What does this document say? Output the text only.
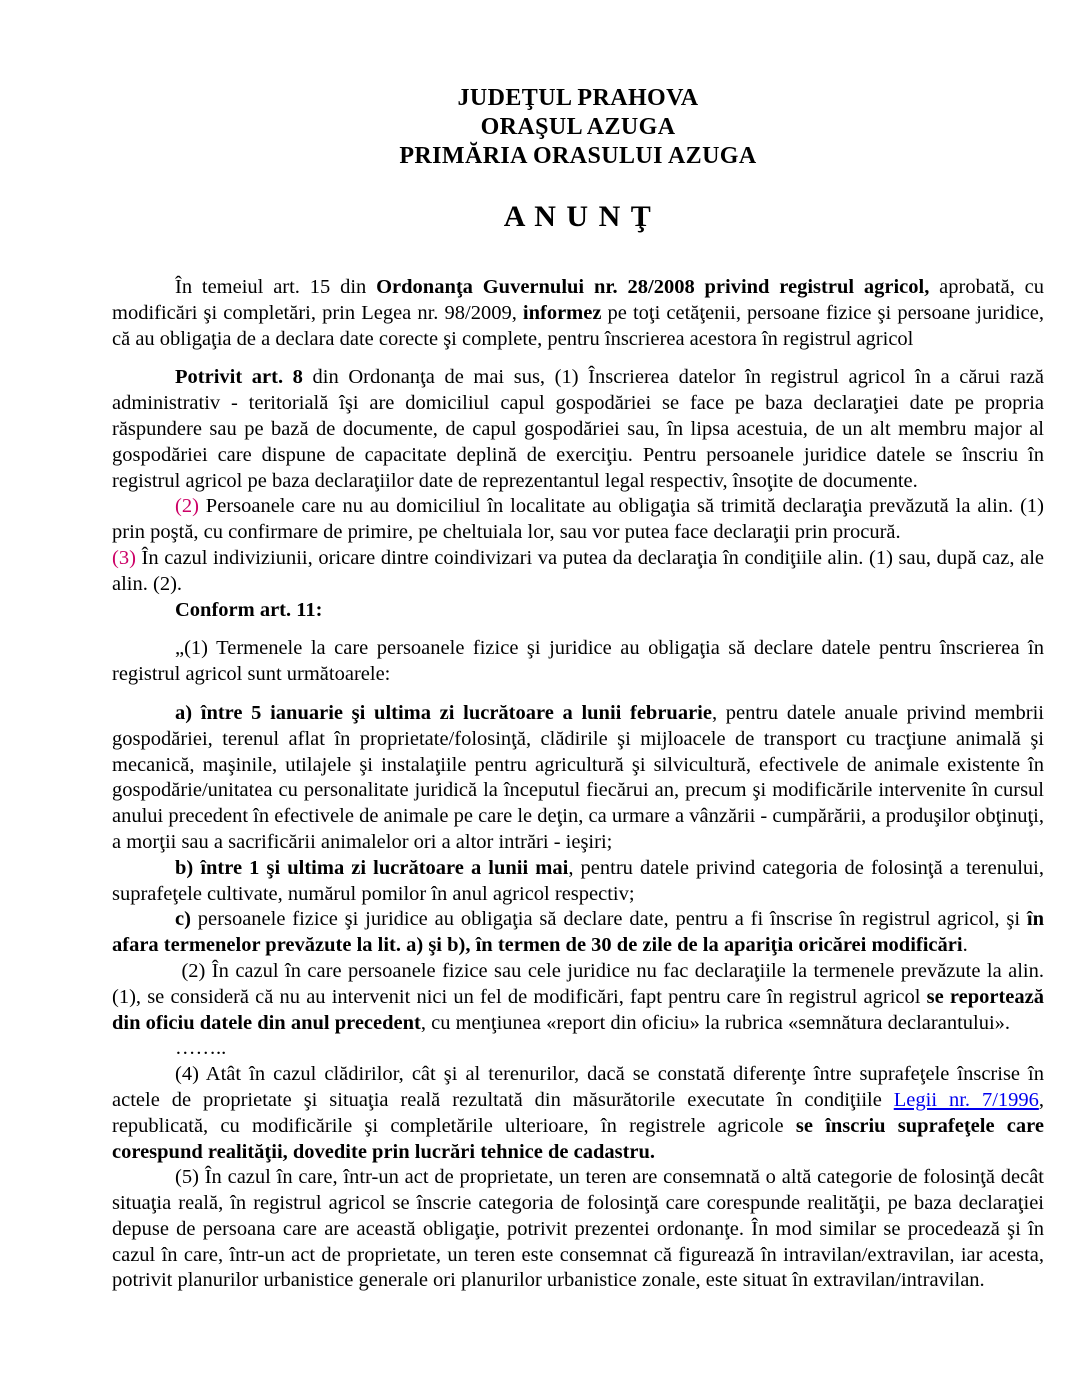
JUDEŢUL PRAHOVA
ORAŞUL AZUGA
PRIMĂRIA ORASULUI AZUGA
A N U N Ţ

În temeiul art. 15 din Ordonanţa Guvernului nr. 28/2008 privind registrul agricol, aprobată, cu modificări şi completări, prin Legea nr. 98/2009, informez pe toţi cetăţenii, persoane fizice şi persoane juridice, că au obligaţia de a declara date corecte şi complete, pentru înscrierea acestora în registrul agricol

Potrivit art. 8 din Ordonanţa de mai sus, (1) Înscrierea datelor în registrul agricol în a cărui rază administrativ - teritorială îşi are domiciliul capul gospodăriei se face pe baza declaraţiei date pe propria răspundere sau pe bază de documente, de capul gospodăriei sau, în lipsa acestuia, de un alt membru major al gospodăriei care dispune de capacitate deplină de exerciţiu. Pentru persoanele juridice datele se înscriu în registrul agricol pe baza declaraţiilor date de reprezentantul legal respectiv, însoţite de documente.

(2) Persoanele care nu au domiciliul în localitate au obligaţia să trimită declaraţia prevăzută la alin. (1) prin poştă, cu confirmare de primire, pe cheltuiala lor, sau vor putea face declaraţii prin procură.

(3) În cazul indiviziunii, oricare dintre coindivizari va putea da declaraţia în condiţiile alin. (1) sau, după caz, ale alin. (2).

Conform art. 11:

„(1) Termenele la care persoanele fizice şi juridice au obligaţia să declare datele pentru înscrierea în registrul agricol sunt următoarele:

a) între 5 ianuarie şi ultima zi lucrătoare a lunii februarie, pentru datele anuale privind membrii gospodăriei, terenul aflat în proprietate/folosinţă, clădirile şi mijloacele de transport cu tracţiune animală şi mecanică, maşinile, utilajele şi instalaţiile pentru agricultură şi silvicultură, efectivele de animale existente în gospodărie/unitatea cu personalitate juridică la începutul fiecărui an, precum şi modificările intervenite în cursul anului precedent în efectivele de animale pe care le deţin, ca urmare a vânzării - cumpărării, a produşilor obţinuţi, a morţii sau a sacrificării animalelor ori a altor intrări - ieşiri;

b) între 1 şi ultima zi lucrătoare a lunii mai, pentru datele privind categoria de folosinţă a terenului, suprafeţele cultivate, numărul pomilor în anul agricol respectiv;

c) persoanele fizice şi juridice au obligaţia să declare date, pentru a fi înscrise în registrul agricol, şi în afara termenelor prevăzute la lit. a) şi b), în termen de 30 de zile de la apariţia oricărei modificări.

(2) În cazul în care persoanele fizice sau cele juridice nu fac declaraţiile la termenele prevăzute la alin. (1), se consideră că nu au intervenit nici un fel de modificări, fapt pentru care în registrul agricol se reportează din oficiu datele din anul precedent, cu menţiunea «report din oficiu» la rubrica «semnătura declarantului».

……..

(4) Atât în cazul clădirilor, cât şi al terenurilor, dacă se constată diferenţe între suprafeţele înscrise în actele de proprietate şi situaţia reală rezultată din măsurătorile executate în condiţiile Legii nr. 7/1996, republicată, cu modificările şi completările ulterioare, în registrele agricole se înscriu suprafeţele care corespund realităţii, dovedite prin lucrări tehnice de cadastru.

(5) În cazul în care, într-un act de proprietate, un teren are consemnată o altă categorie de folosinţă decât situaţia reală, în registrul agricol se înscrie categoria de folosinţă care corespunde realităţii, pe baza declaraţiei depuse de persoana care are această obligaţie, potrivit prezentei ordonanţe. În mod similar se procedează şi în cazul în care, într-un act de proprietate, un teren este consemnat că figurează în intravilan/extravilan, iar acesta, potrivit planurilor urbanistice generale ori planurilor urbanistice zonale, este situat în extravilan/intravilan.
